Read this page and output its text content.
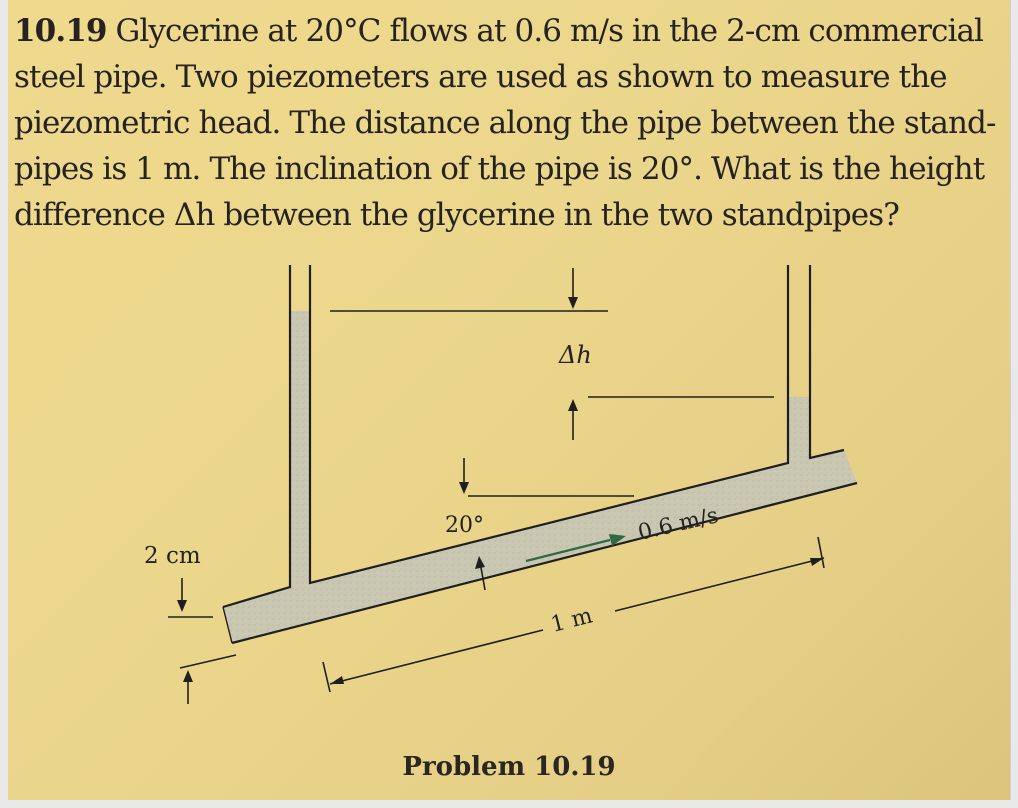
10.19 Glycerine at 20°C flows at 0.6 m/s in the 2-cm commercial
steel pipe. Two piezometers are used as shown to measure the
piezometric head. The distance along the pipe between the stand-
pipes is 1 m. The inclination of the pipe is 20°. What is the height
difference Δh between the glycerine in the two standpipes?

Δh
20°	0.6 m/s
1 m
2 cm

Problem 10.19
